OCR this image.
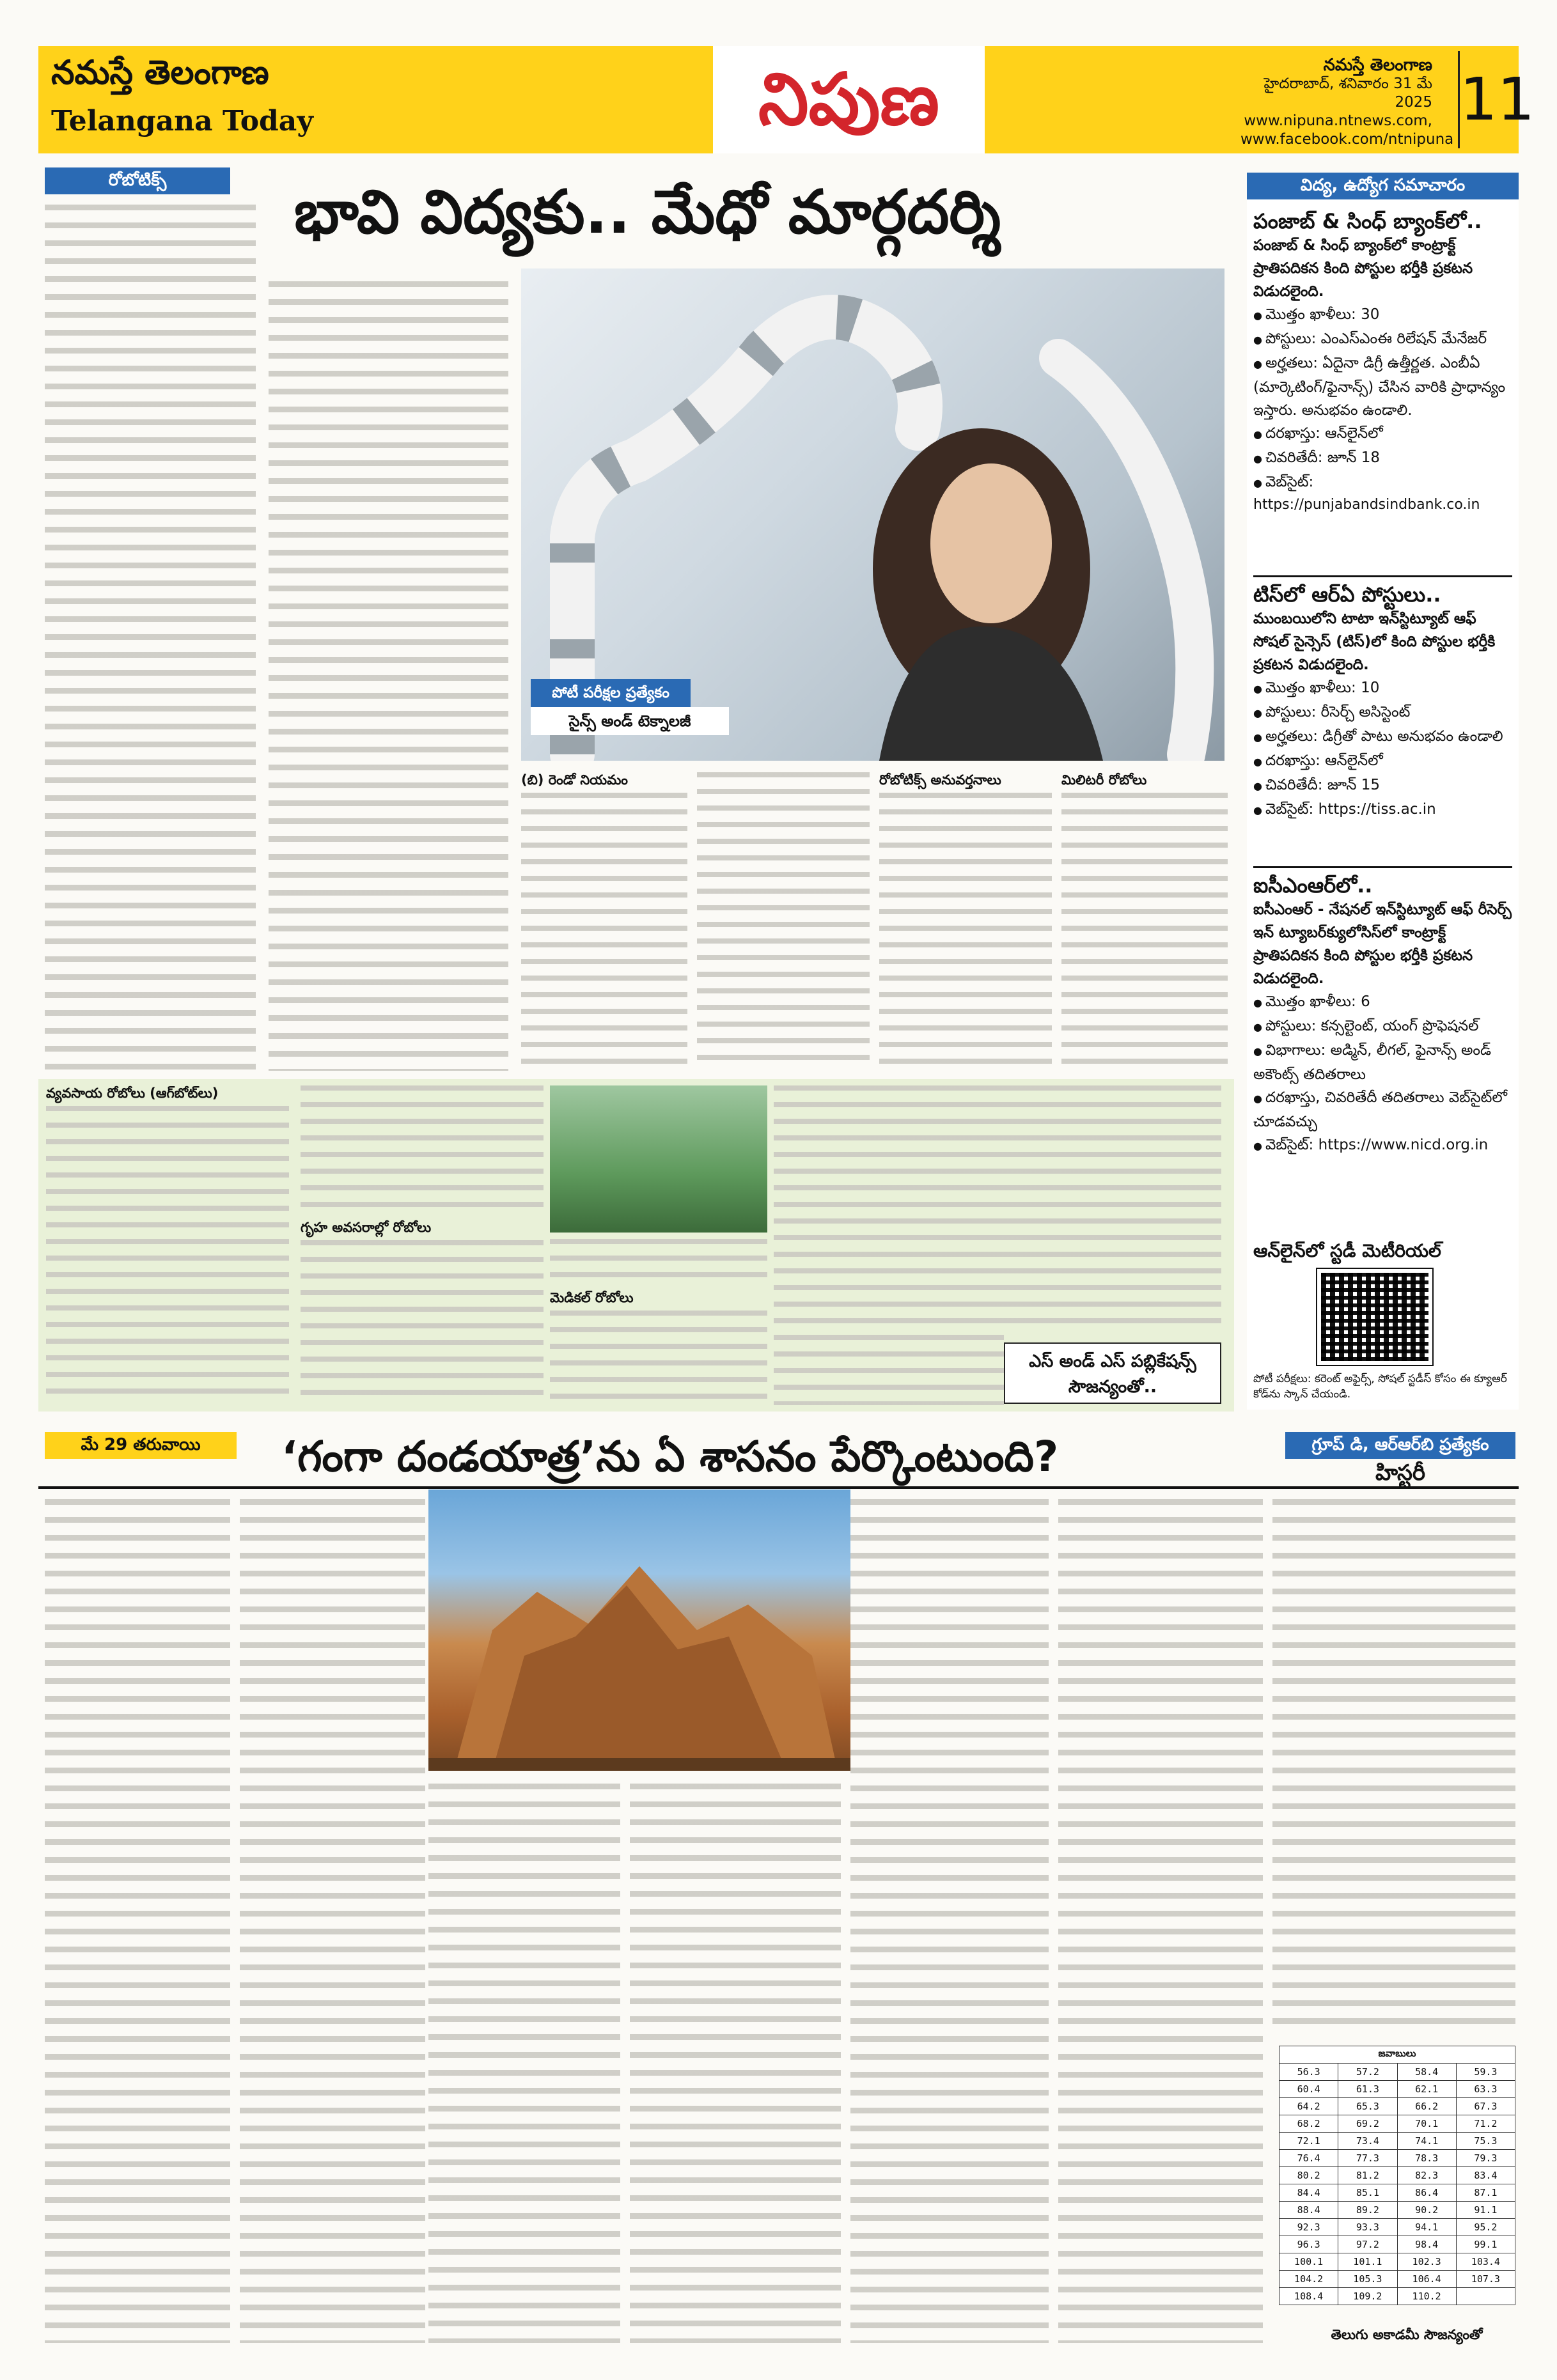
నమస్తే తెలంగాణ
Telangana Today	నిపుణ	నమస్తే తెలంగాణ
హైదరాబాద్, శనివారం 31 మే 2025
www.nipuna.ntnews.com,
www.facebook.com/ntnipuna
11
రోబోటిక్స్	భావి విద్యకు.. మేధో మార్గదర్శి
పోటీ పరీక్షల ప్రత్యేకం
సైన్స్ అండ్ టెక్నాలజీ
(బి) రెండో నియమం	రోబోటిక్స్ అనువర్తనాలు	మిలిటరీ రోబోలు
వ్యవసాయ రోబోలు (ఆగ్‌బోట్‌లు)
గృహ అవసరాల్లో రోబోలు
మెడికల్ రోబోలు
ఎస్ అండ్ ఎస్ పబ్లికేషన్స్
సౌజన్యంతో..
విద్య, ఉద్యోగ సమాచారం
పంజాబ్ & సింధ్ బ్యాంక్‌లో..
పంజాబ్ & సింధ్ బ్యాంక్‌లో కాంట్రాక్ట్ ప్రాతిపదికన కింది పోస్టుల భర్తీకి ప్రకటన విడుదలైంది.
● మొత్తం ఖాళీలు: 30
● పోస్టులు: ఎంఎస్‌ఎంఈ రిలేషన్ మేనేజర్
● అర్హతలు: ఏదైనా డిగ్రీ ఉత్తీర్ణత. ఎంబీఏ (మార్కెటింగ్/ఫైనాన్స్) చేసిన వారికి ప్రాధాన్యం ఇస్తారు. అనుభవం ఉండాలి.
● దరఖాస్తు: ఆన్‌లైన్‌లో
● చివరితేదీ: జూన్ 18
● వెబ్‌సైట్:
https://punjabandsindbank.co.in
టిస్‌లో ఆర్‌ఏ పోస్టులు..
ముంబయిలోని టాటా ఇన్‌స్టిట్యూట్ ఆఫ్ సోషల్ సైన్సెస్ (టిస్)లో కింది పోస్టుల భర్తీకి ప్రకటన విడుదలైంది.
● మొత్తం ఖాళీలు: 10
● పోస్టులు: రీసెర్చ్ అసిస్టెంట్
● అర్హతలు: డిగ్రీతో పాటు అనుభవం ఉండాలి
● దరఖాస్తు: ఆన్‌లైన్‌లో
● చివరితేదీ: జూన్ 15
● వెబ్‌సైట్: https://tiss.ac.in
ఐసీఎంఆర్‌లో..
ఐసీఎంఆర్ - నేషనల్ ఇన్‌స్టిట్యూట్ ఆఫ్ రీసెర్చ్ ఇన్ ట్యూబర్‌క్యులోసిస్‌లో కాంట్రాక్ట్ ప్రాతిపదికన కింది పోస్టుల భర్తీకి ప్రకటన విడుదలైంది.
● మొత్తం ఖాళీలు: 6
● పోస్టులు: కన్సల్టెంట్, యంగ్ ప్రొఫెషనల్
● విభాగాలు: అడ్మిన్, లీగల్, ఫైనాన్స్ అండ్ అకౌంట్స్ తదితరాలు
● దరఖాస్తు, చివరితేదీ తదితరాలు వెబ్‌సైట్‌లో చూడవచ్చు
● వెబ్‌సైట్: https://www.nicd.org.in
ఆన్‌లైన్‌లో స్టడీ మెటీరియల్
పోటీ పరీక్షలు: కరెంట్ అఫైర్స్, సోషల్ స్టడీస్ కోసం ఈ క్యూఆర్ కోడ్‌ను స్కాన్ చేయండి.
మే 29 తరువాయి	‘గంగా దండయాత్ర’ను ఏ శాసనం పేర్కొంటుంది?	గ్రూప్ డి, ఆర్‌ఆర్‌బి ప్రత్యేకం
హిస్టరీ
జవాబులు			
56.3	57.2	58.4	59.3
60.4	61.3	62.1	63.3
64.2	65.3	66.2	67.3
68.2	69.2	70.1	71.2
72.1	73.4	74.1	75.3
76.4	77.3	78.3	79.3
80.2	81.2	82.3	83.4
84.4	85.1	86.4	87.1
88.4	89.2	90.2	91.1
92.3	93.3	94.1	95.2
96.3	97.2	98.4	99.1
100.1	101.1	102.3	103.4
104.2	105.3	106.4	107.3
108.4	109.2	110.2	
తెలుగు అకాడమీ సౌజన్యంతో
